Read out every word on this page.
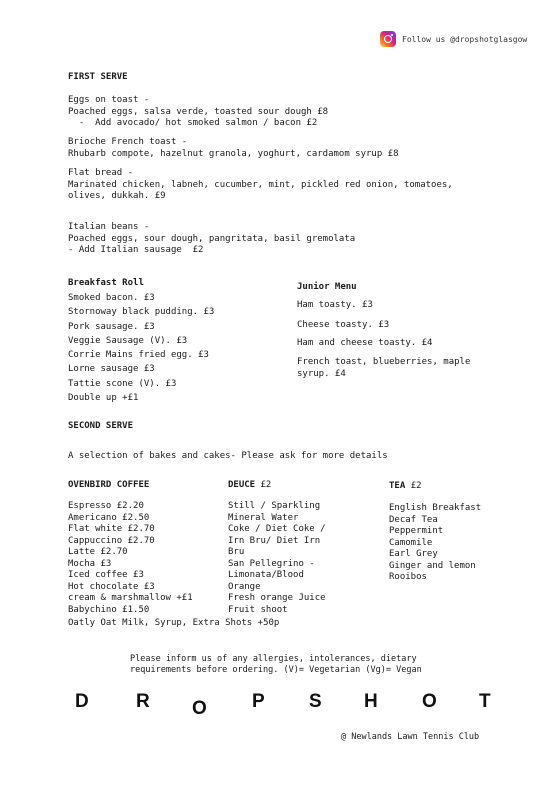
Follow us @dropshotglasgow
FIRST SERVE
Eggs on toast -
Poached eggs, salsa verde, toasted sour dough £8
-  Add avocado/ hot smoked salmon / bacon £2
Brioche French toast -
Rhubarb compote, hazelnut granola, yoghurt, cardamom syrup £8
Flat bread -
Marinated chicken, labneh, cucumber, mint, pickled red onion, tomatoes,
olives, dukkah. £9
Italian beans -
Poached eggs, sour dough, pangritata, basil gremolata
- Add Italian sausage  £2
Breakfast Roll
Smoked bacon. £3
Stornoway black pudding. £3
Pork sausage. £3
Veggie Sausage (V). £3
Corrie Mains fried egg. £3
Lorne sausage £3
Tattie scone (V). £3
Double up +£1
Junior Menu
Ham toasty. £3
Cheese toasty. £3
Ham and cheese toasty. £4
French toast, blueberries, maple
syrup. £4
SECOND SERVE
A selection of bakes and cakes- Please ask for more details
OVENBIRD COFFEE
Espresso £2.20
Americano £2.50
Flat white £2.70
Cappuccino £2.70
Latte £2.70
Mocha £3
Iced coffee £3
Hot chocolate £3
cream & marshmallow +£1
Babychino £1.50
DEUCE £2
Still / Sparkling
Mineral Water
Coke / Diet Coke /
Irn Bru/ Diet Irn
Bru
San Pellegrino -
Limonata/Blood
Orange
Fresh orange Juice
Fruit shoot
TEA £2
English Breakfast
Decaf Tea
Peppermint
Camomile
Earl Grey
Ginger and lemon
Rooibos
Oatly Oat Milk, Syrup, Extra Shots +50p
Please inform us of any allergies, intolerances, dietary
requirements before ordering. (V)= Vegetarian (Vg)= Vegan
D R O P S H O T
@ Newlands Lawn Tennis Club
